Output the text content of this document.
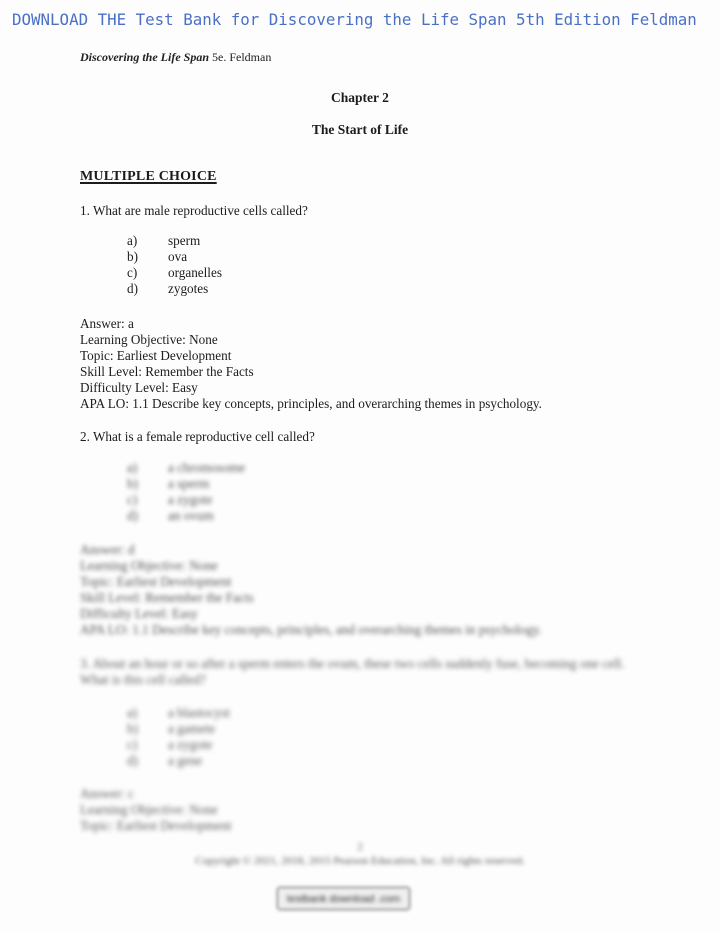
DOWNLOAD THE Test Bank for Discovering the Life Span 5th Edition Feldman
Discovering the Life Span 5e. Feldman
Chapter 2
The Start of Life
MULTIPLE CHOICE
1. What are male reproductive cells called?
a) sperm
b) ova
c) organelles
d) zygotes
Answer: a
Learning Objective: None
Topic: Earliest Development
Skill Level: Remember the Facts
Difficulty Level: Easy
APA LO: 1.1 Describe key concepts, principles, and overarching themes in psychology.
2. What is a female reproductive cell called?
a) a chromosome
b) a sperm
c) a zygote
d) an ovum
Answer: d
Learning Objective: None
Topic: Earliest Development
Skill Level: Remember the Facts
Difficulty Level: Easy
APA LO: 1.1 Describe key concepts, principles, and overarching themes in psychology.
3. About an hour or so after a sperm enters the ovum, these two cells suddenly fuse, becoming one cell. What is this cell called?
a) a blastocyst
b) a gamete
c) a zygote
d) a gene
Answer: c
Learning Objective: None
Topic: Earliest Development
2
Copyright © 2021, 2018, 2015 Pearson Education, Inc. All rights reserved.
testbank download .com
